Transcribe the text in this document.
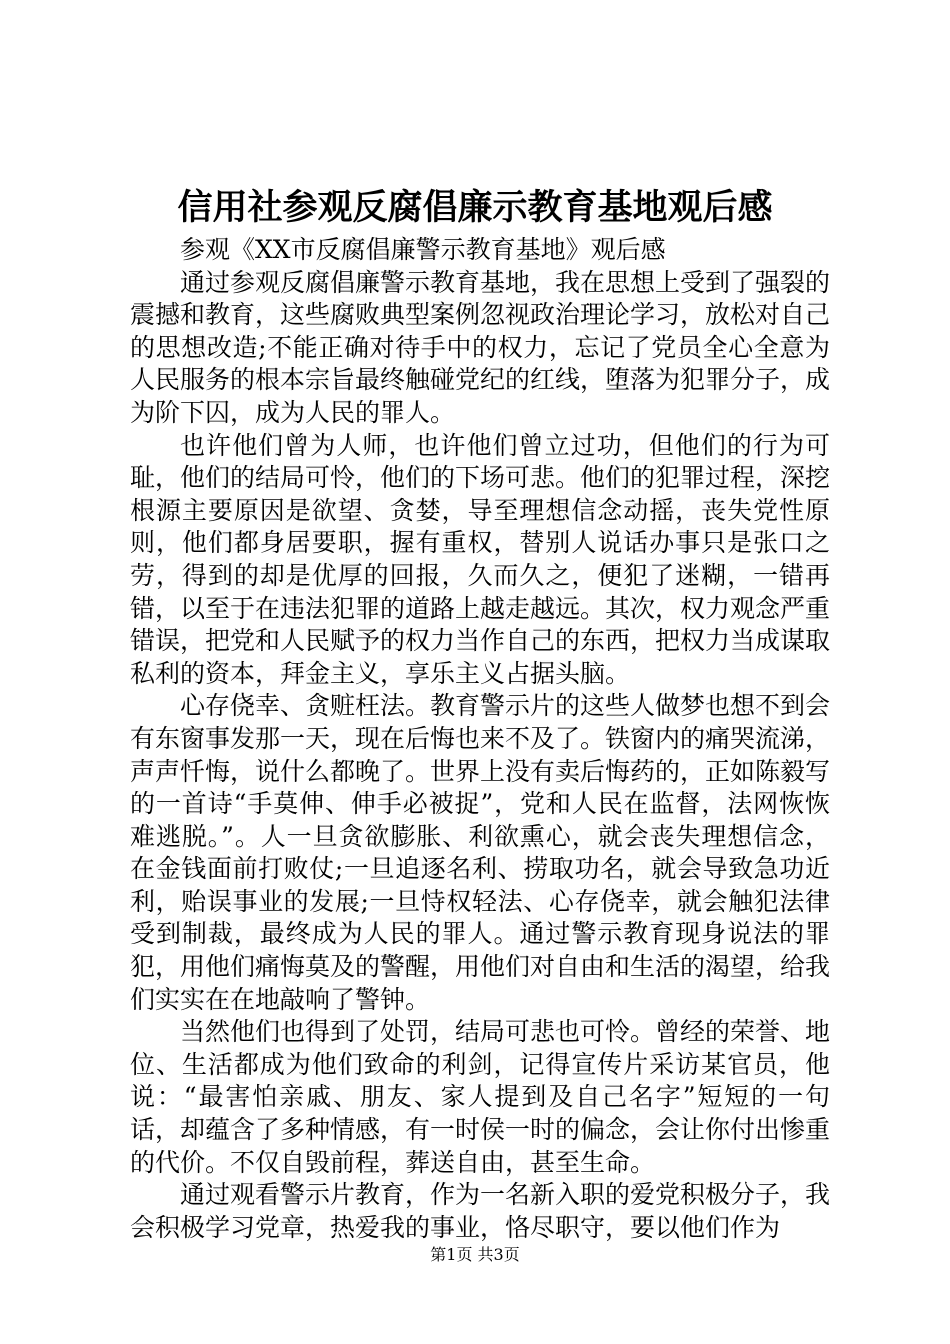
信用社参观反腐倡廉示教育基地观后感

参观《XX市反腐倡廉警示教育基地》观后感

通过参观反腐倡廉警示教育基地，我在思想上受到了强裂的震撼和教育，这些腐败典型案例忽视政治理论学习，放松对自己的思想改造;不能正确对待手中的权力，忘记了党员全心全意为人民服务的根本宗旨最终触碰党纪的红线，堕落为犯罪分子，成为阶下囚，成为人民的罪人。

也许他们曾为人师，也许他们曾立过功，但他们的行为可耻，他们的结局可怜，他们的下场可悲。他们的犯罪过程，深挖根源主要原因是欲望、贪婪，导至理想信念动摇，丧失党性原则，他们都身居要职，握有重权，替别人说话办事只是张口之劳，得到的却是优厚的回报，久而久之，便犯了迷糊，一错再错，以至于在违法犯罪的道路上越走越远。其次，权力观念严重错误，把党和人民赋予的权力当作自己的东西，把权力当成谋取私利的资本，拜金主义，享乐主义占据头脑。

心存侥幸、贪赃枉法。教育警示片的这些人做梦也想不到会有东窗事发那一天，现在后悔也来不及了。铁窗内的痛哭流涕，声声忏悔，说什么都晚了。世界上没有卖后悔药的，正如陈毅写的一首诗“手莫伸、伸手必被捉”，党和人民在监督，法网恢恢难逃脱。”。人一旦贪欲膨胀、利欲熏心，就会丧失理想信念，在金钱面前打败仗;一旦追逐名利、捞取功名，就会导致急功近利，贻误事业的发展;一旦恃权轻法、心存侥幸，就会触犯法律受到制裁，最终成为人民的罪人。通过警示教育现身说法的罪犯，用他们痛悔莫及的警醒，用他们对自由和生活的渴望，给我们实实在在地敲响了警钟。

当然他们也得到了处罚，结局可悲也可怜。曾经的荣誉、地位、生活都成为他们致命的利剑，记得宣传片采访某官员，他说：“最害怕亲戚、朋友、家人提到及自己名字”短短的一句话，却蕴含了多种情感，有一时侯一时的偏念，会让你付出惨重的代价。不仅自毁前程，葬送自由，甚至生命。

通过观看警示片教育，作为一名新入职的爱党积极分子，我会积极学习党章，热爱我的事业，恪尽职守，要以他们作为

第1页 共3页
